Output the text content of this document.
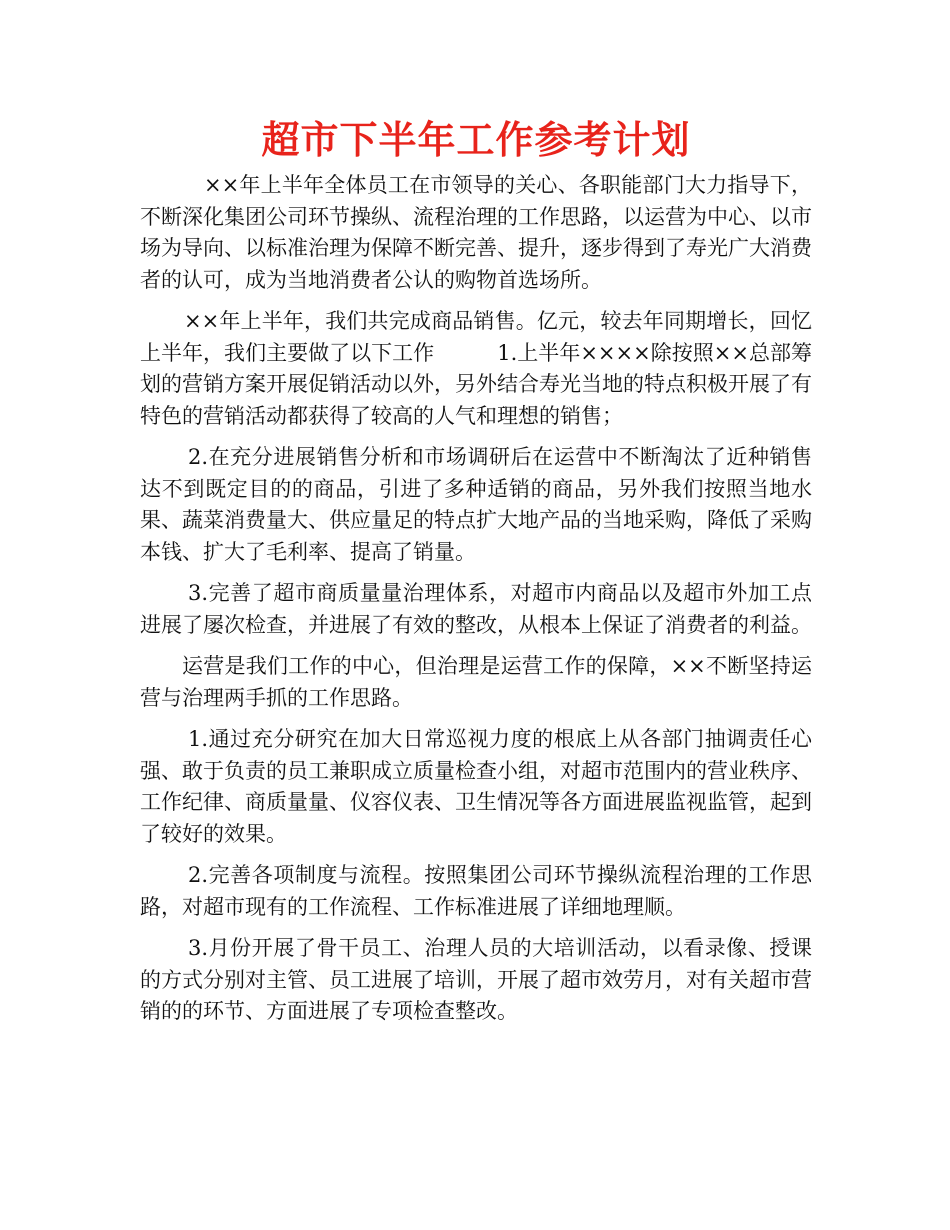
超市下半年工作参考计划

××年上半年全体员工在市领导的关心、各职能部门大力指导下，不断深化集团公司环节操纵、流程治理的工作思路，以运营为中心、以市场为导向、以标准治理为保障不断完善、提升，逐步得到了寿光广大消费者的认可，成为当地消费者公认的购物首选场所。

××年上半年，我们共完成商品销售。亿元，较去年同期增长，回忆上半年，我们主要做了以下工作　　　1.上半年××××除按照××总部筹划的营销方案开展促销活动以外，另外结合寿光当地的特点积极开展了有特色的营销活动都获得了较高的人气和理想的销售；

2.在充分进展销售分析和市场调研后在运营中不断淘汰了近种销售达不到既定目的的商品，引进了多种适销的商品，另外我们按照当地水果、蔬菜消费量大、供应量足的特点扩大地产品的当地采购，降低了采购本钱、扩大了毛利率、提高了销量。

3.完善了超市商质量量治理体系，对超市内商品以及超市外加工点进展了屡次检查，并进展了有效的整改，从根本上保证了消费者的利益。

运营是我们工作的中心，但治理是运营工作的保障，××不断坚持运营与治理两手抓的工作思路。

1.通过充分研究在加大日常巡视力度的根底上从各部门抽调责任心强、敢于负责的员工兼职成立质量检查小组，对超市范围内的营业秩序、工作纪律、商质量量、仪容仪表、卫生情况等各方面进展监视监管，起到了较好的效果。

2.完善各项制度与流程。按照集团公司环节操纵流程治理的工作思路，对超市现有的工作流程、工作标准进展了详细地理顺。

3.月份开展了骨干员工、治理人员的大培训活动，以看录像、授课的方式分别对主管、员工进展了培训，开展了超市效劳月，对有关超市营销的的环节、方面进展了专项检查整改。
